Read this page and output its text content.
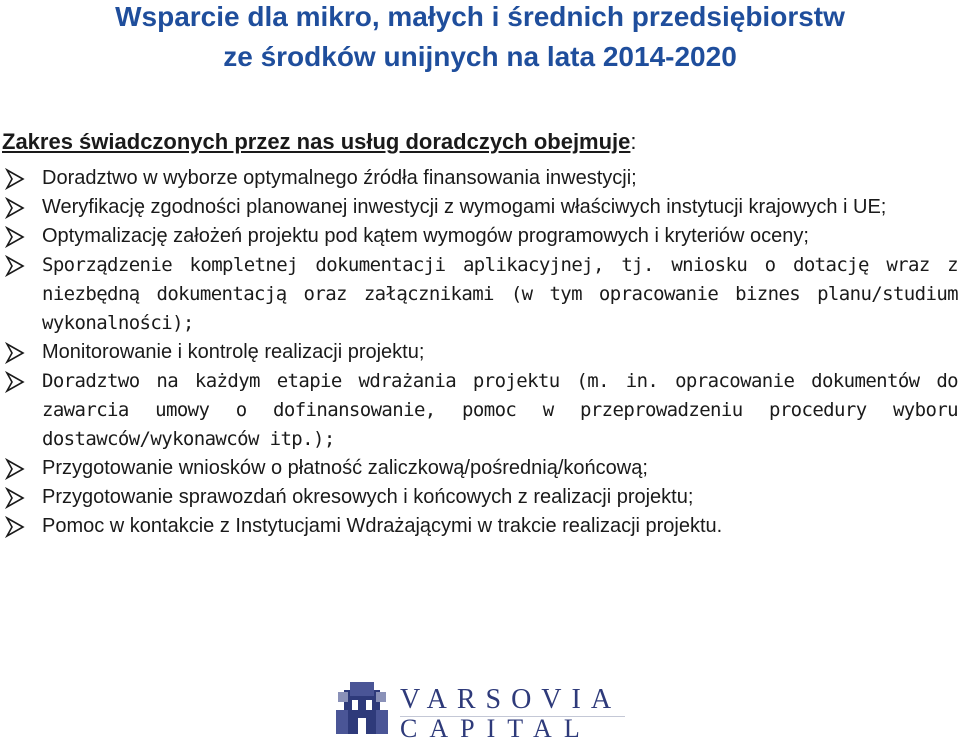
Wsparcie dla mikro, małych i średnich przedsiębiorstw
ze środków unijnych na lata 2014-2020
Zakres świadczonych przez nas usług doradczych obejmuje:
Doradztwo w wyborze optymalnego źródła finansowania inwestycji;
Weryfikację zgodności planowanej inwestycji z wymogami właściwych instytucji krajowych i UE;
Optymalizację założeń projektu pod kątem wymogów programowych i kryteriów oceny;
Sporządzenie kompletnej dokumentacji aplikacyjnej, tj. wniosku o dotację wraz z niezbędną dokumentacją oraz załącznikami (w tym opracowanie biznes planu/studium wykonalności);
Monitorowanie i kontrolę realizacji projektu;
Doradztwo na każdym etapie wdrażania projektu (m. in. opracowanie dokumentów do zawarcia umowy o dofinansowanie, pomoc w przeprowadzeniu procedury wyboru dostawców/wykonawców itp.);
Przygotowanie wniosków o płatność zaliczkową/pośrednią/końcową;
Przygotowanie sprawozdań okresowych i końcowych z realizacji projektu;
Pomoc w kontakcie z Instytucjami Wdrażającymi w trakcie realizacji projektu.
VARSOVIA
CAPITAL
